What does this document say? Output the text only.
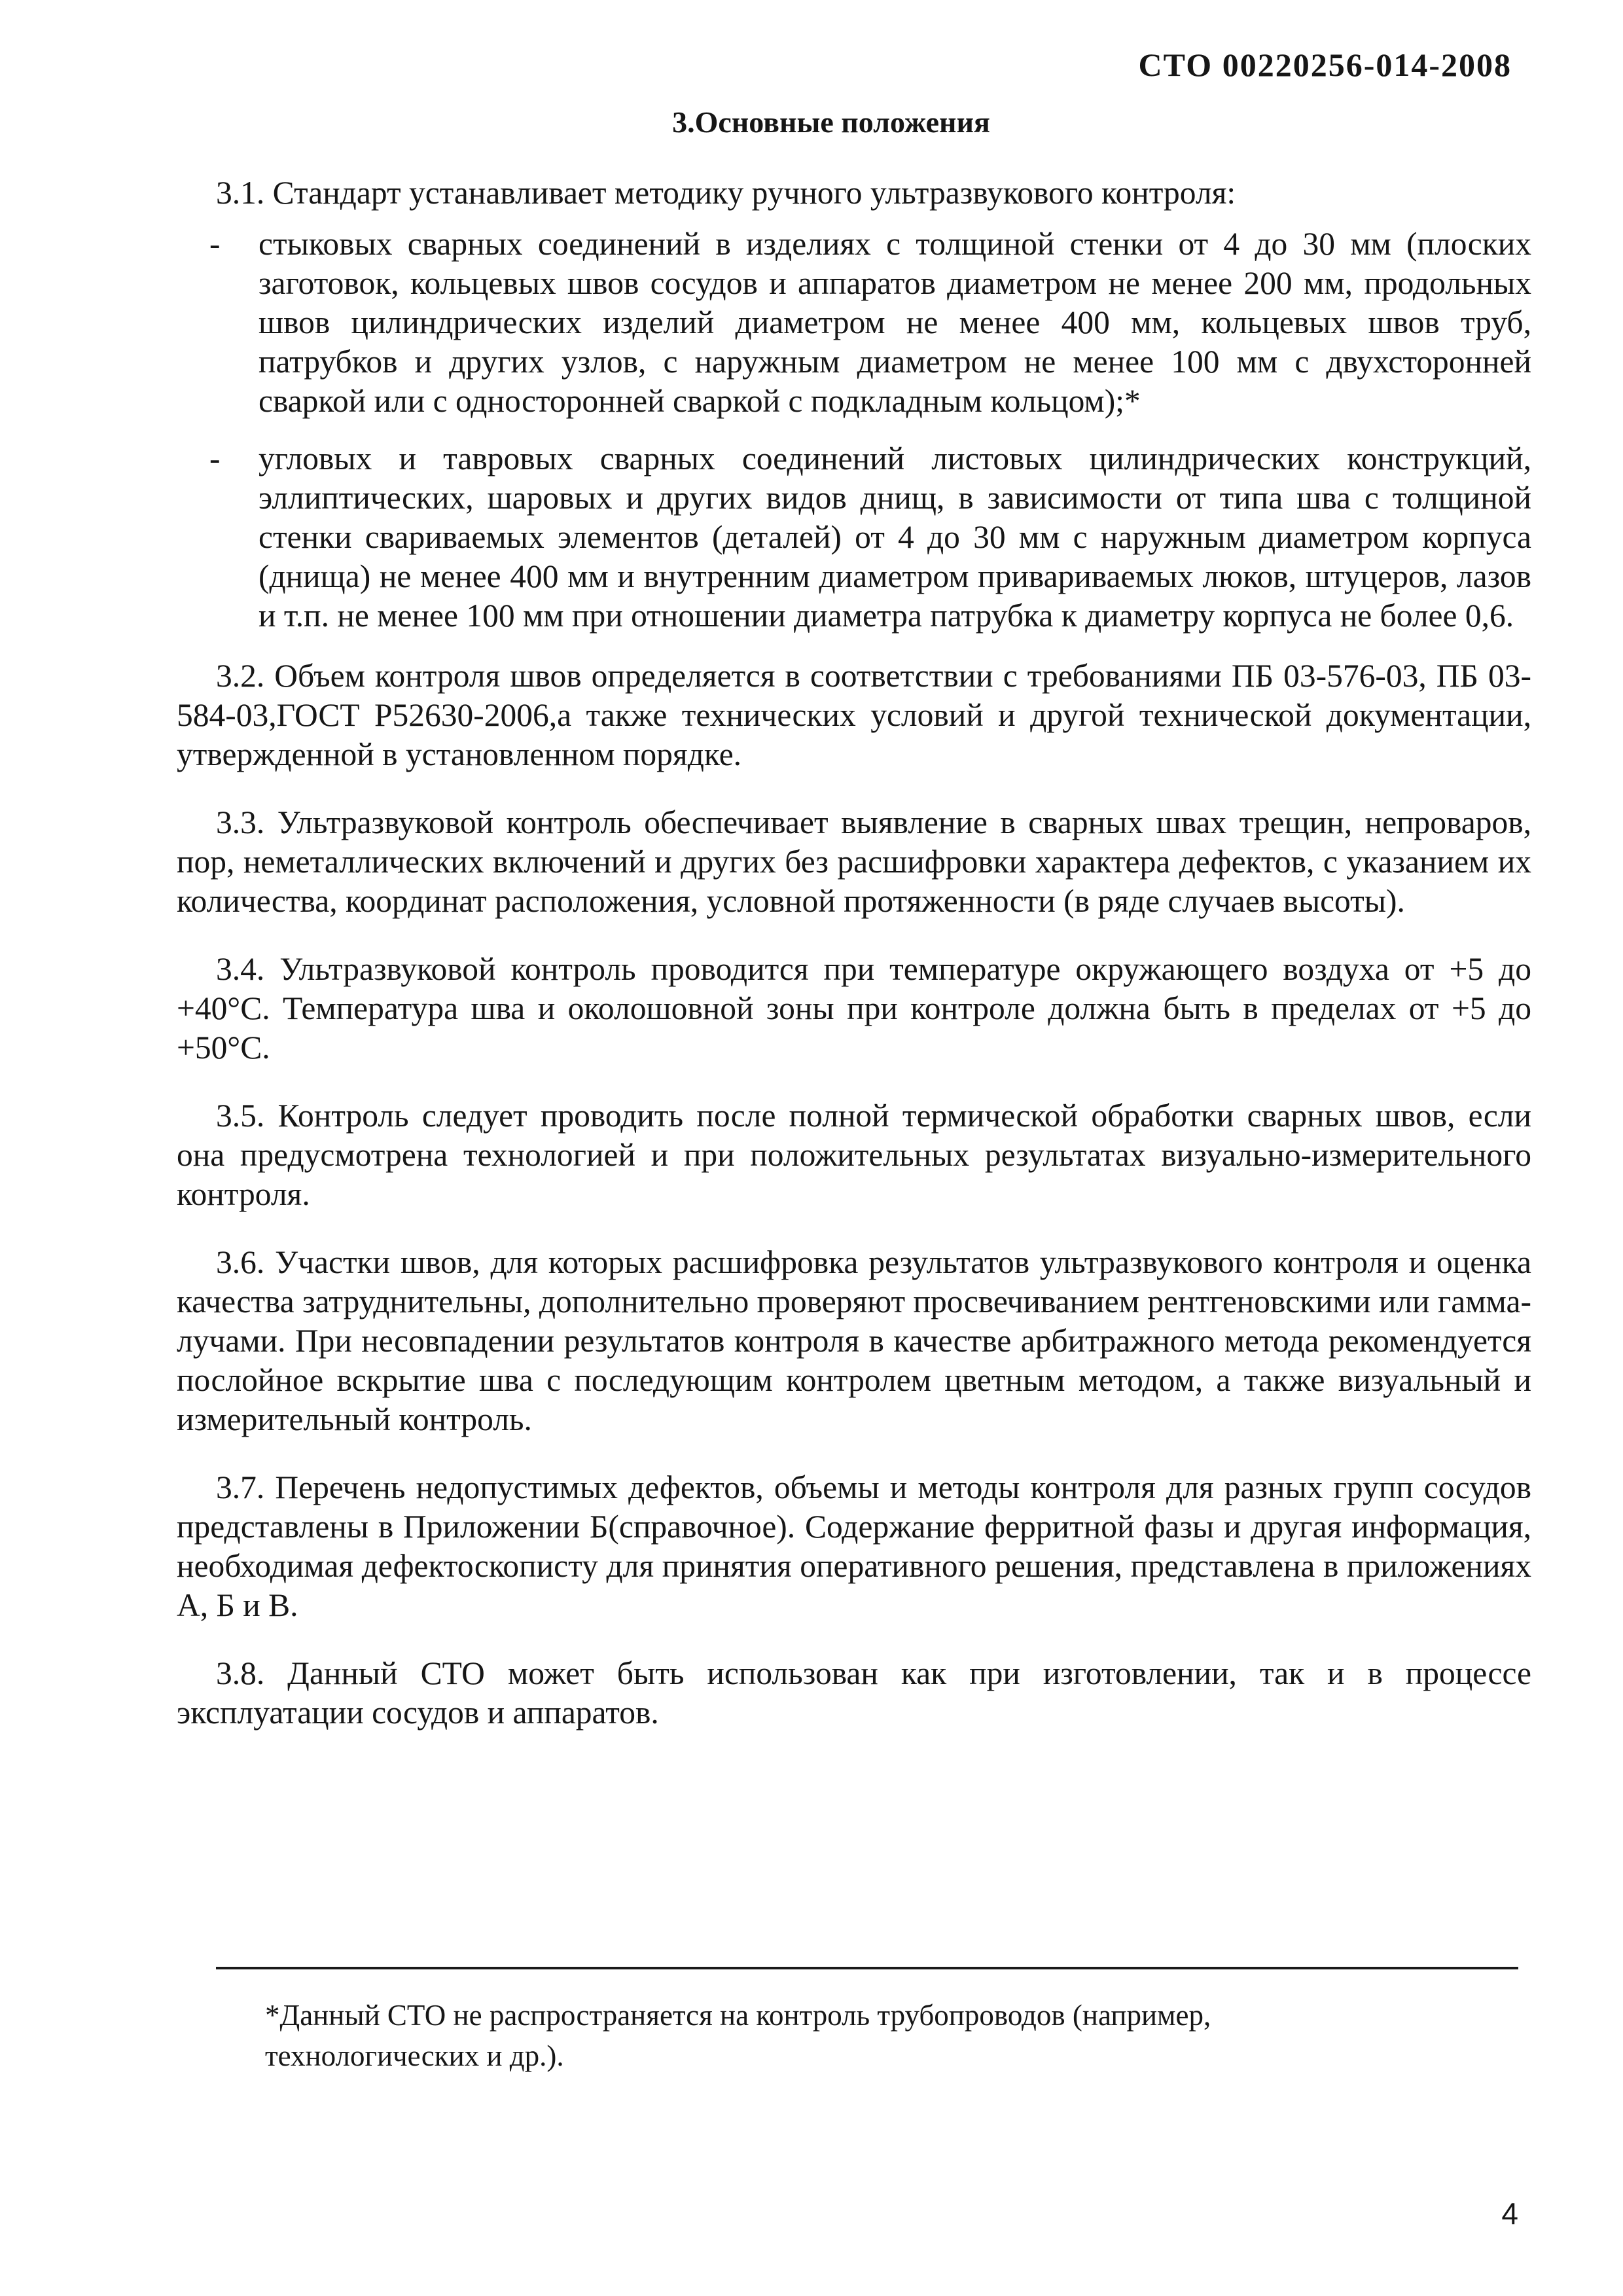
СТО 00220256-014-2008
3.Основные положения

3.1. Стандарт устанавливает методику ручного ультразвукового контроля:

- стыковых сварных соединений в изделиях с толщиной стенки от 4 до 30 мм (плоских заготовок, кольцевых швов сосудов и аппаратов диаметром не менее 200 мм, продольных швов цилиндрических изделий диаметром не менее 400 мм, кольцевых швов труб, патрубков и других узлов, с наружным диаметром не менее 100 мм с двухсторонней сваркой или с односторонней сваркой с подкладным кольцом);*
- угловых и тавровых сварных соединений листовых цилиндрических конструкций, эллиптических, шаровых и других видов днищ, в зависимости от типа шва с толщиной стенки свариваемых элементов (деталей) от 4 до 30 мм с наружным диаметром корпуса (днища) не менее 400 мм и внутренним диаметром привариваемых люков, штуцеров, лазов и т.п. не менее 100 мм при отношении диаметра патрубка к диаметру корпуса не более 0,6.

3.2. Объем контроля швов определяется в соответствии с требованиями ПБ 03-576-03, ПБ 03-584-03,ГОСТ Р52630-2006,а также технических условий и другой технической документации, утвержденной в установленном порядке.

3.3. Ультразвуковой контроль обеспечивает выявление в сварных швах трещин, непроваров, пор, неметаллических включений и других без расшифровки характера дефектов, с указанием их количества, координат расположения, условной протяженности (в ряде случаев высоты).

3.4. Ультразвуковой контроль проводится при температуре окружающего воздуха от +5 до +40°С. Температура шва и околошовной зоны при контроле должна быть в пределах от +5 до +50°С.

3.5. Контроль следует проводить после полной термической обработки сварных швов, если она предусмотрена технологией и при положительных результатах визуально-измерительного контроля.

3.6. Участки швов, для которых расшифровка результатов ультразвукового контроля и оценка качества затруднительны, дополнительно проверяют просвечиванием рентгеновскими или гамма-лучами. При несовпадении результатов контроля в качестве арбитражного метода рекомендуется послойное вскрытие шва с последующим контролем цветным методом, а также визуальный и измерительный контроль.

3.7. Перечень недопустимых дефектов, объемы и методы контроля для разных групп сосудов представлены в Приложении Б(справочное). Содержание ферритной фазы и другая информация, необходимая дефектоскописту для принятия оперативного решения, представлена в приложениях А, Б и В.

3.8. Данный СТО может быть использован как при изготовлении, так и в процессе эксплуатации сосудов и аппаратов.

*Данный СТО не распространяется на контроль трубопроводов (например, технологических и др.).
4
